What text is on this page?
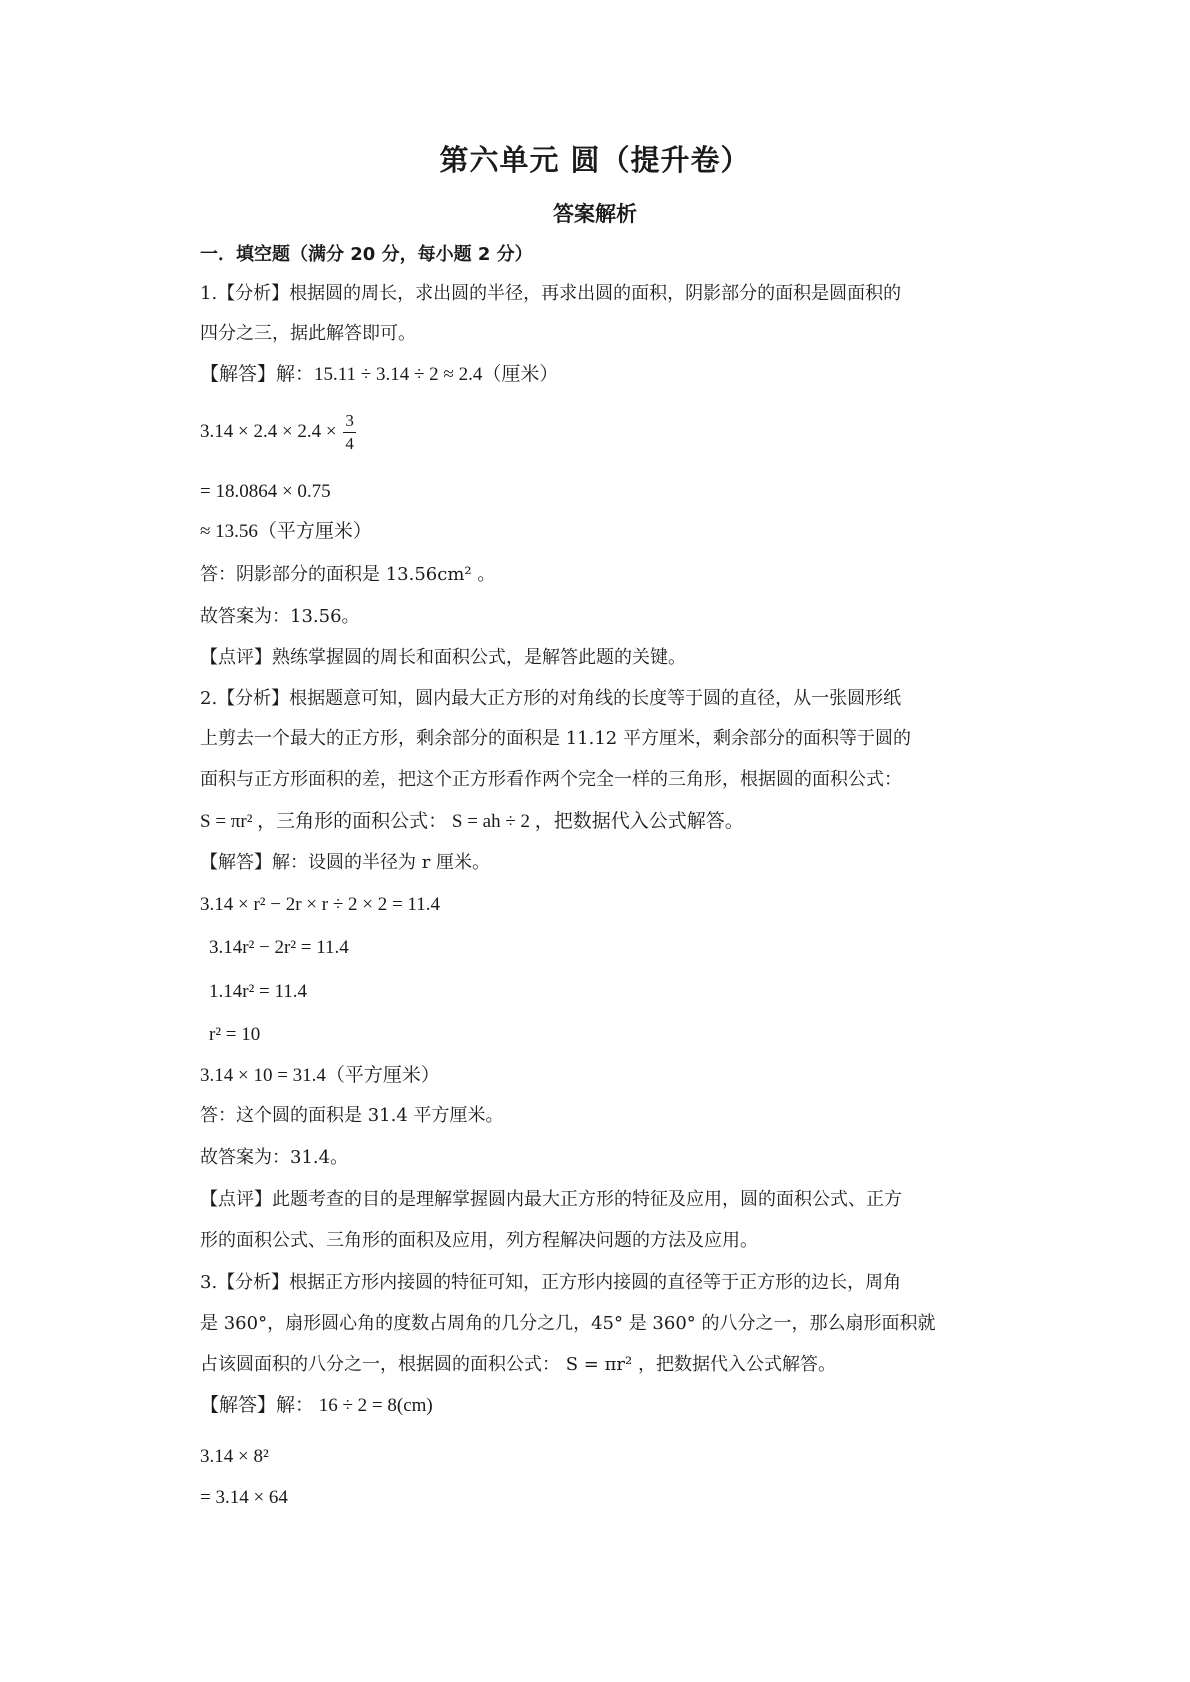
第六单元 圆（提升卷）
答案解析
一．填空题（满分 20 分，每小题 2 分）
1.【分析】根据圆的周长，求出圆的半径，再求出圆的面积，阴影部分的面积是圆面积的
四分之三，据此解答即可。
【解答】解：15.11 ÷ 3.14 ÷ 2 ≈ 2.4（厘米）
$3.14 \times 2.4 \times 2.4 \times \frac{3}{4}$
= 18.0864 × 0.75
≈ 13.56（平方厘米）
答：阴影部分的面积是 13.56cm² 。
故答案为：13.56。
【点评】熟练掌握圆的周长和面积公式，是解答此题的关键。
2.【分析】根据题意可知，圆内最大正方形的对角线的长度等于圆的直径，从一张圆形纸
上剪去一个最大的正方形，剩余部分的面积是 11.12 平方厘米，剩余部分的面积等于圆的
面积与正方形面积的差，把这个正方形看作两个完全一样的三角形，根据圆的面积公式：
S = πr² ，三角形的面积公式： S = ah ÷ 2 ，把数据代入公式解答。
【解答】解：设圆的半径为 r 厘米。
3.14 × r² − 2r × r ÷ 2 × 2 = 11.4
3.14r² − 2r² = 11.4
1.14r² = 11.4
r² = 10
3.14 × 10 = 31.4（平方厘米）
答：这个圆的面积是 31.4 平方厘米。
故答案为：31.4。
【点评】此题考查的目的是理解掌握圆内最大正方形的特征及应用，圆的面积公式、正方
形的面积公式、三角形的面积及应用，列方程解决问题的方法及应用。
3.【分析】根据正方形内接圆的特征可知，正方形内接圆的直径等于正方形的边长，周角
是 360°，扇形圆心角的度数占周角的几分之几，45° 是 360° 的八分之一，那么扇形面积就
占该圆面积的八分之一，根据圆的面积公式： S = πr² ，把数据代入公式解答。
【解答】解： 16 ÷ 2 = 8(cm)
3.14 × 8²
= 3.14 × 64
